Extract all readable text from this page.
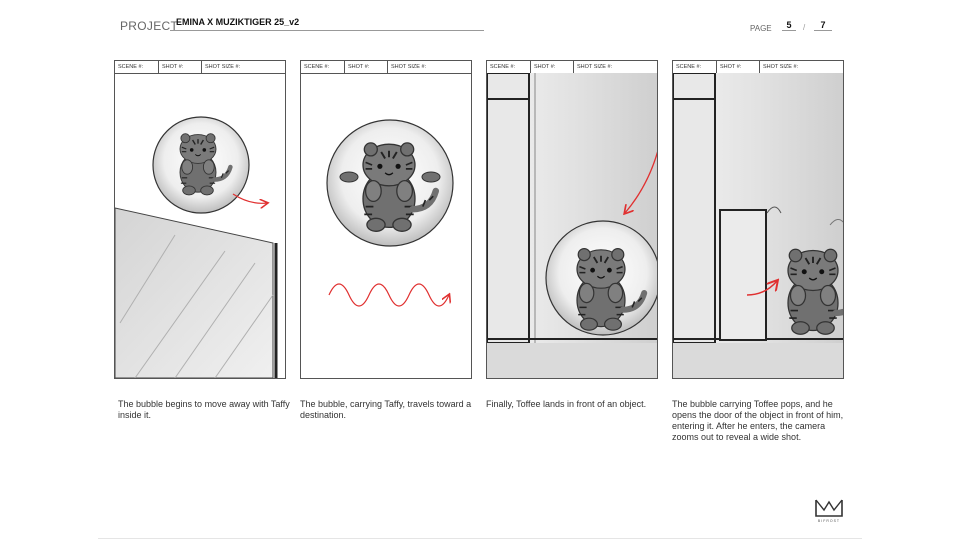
PROJECT
EMINA X MUZIKTIGER 25_v2
PAGE	5	/	7
SCENE #:	SHOT #:	SHOT SIZE #:	SCENE #:	SHOT #:	SHOT SIZE #:	SCENE #:	SHOT #:	SHOT SIZE #:	SCENE #:	SHOT #:	SHOT SIZE #:
The bubble begins to move away with Taffy inside it.
The bubble, carrying Taffy, travels toward a destination.
Finally, Toffee lands in front of an object.	The bubble carrying Toffee pops, and he opens the door of the object in front of him, entering it. After he enters, the camera zooms out to reveal a wide shot.
BIFROST
